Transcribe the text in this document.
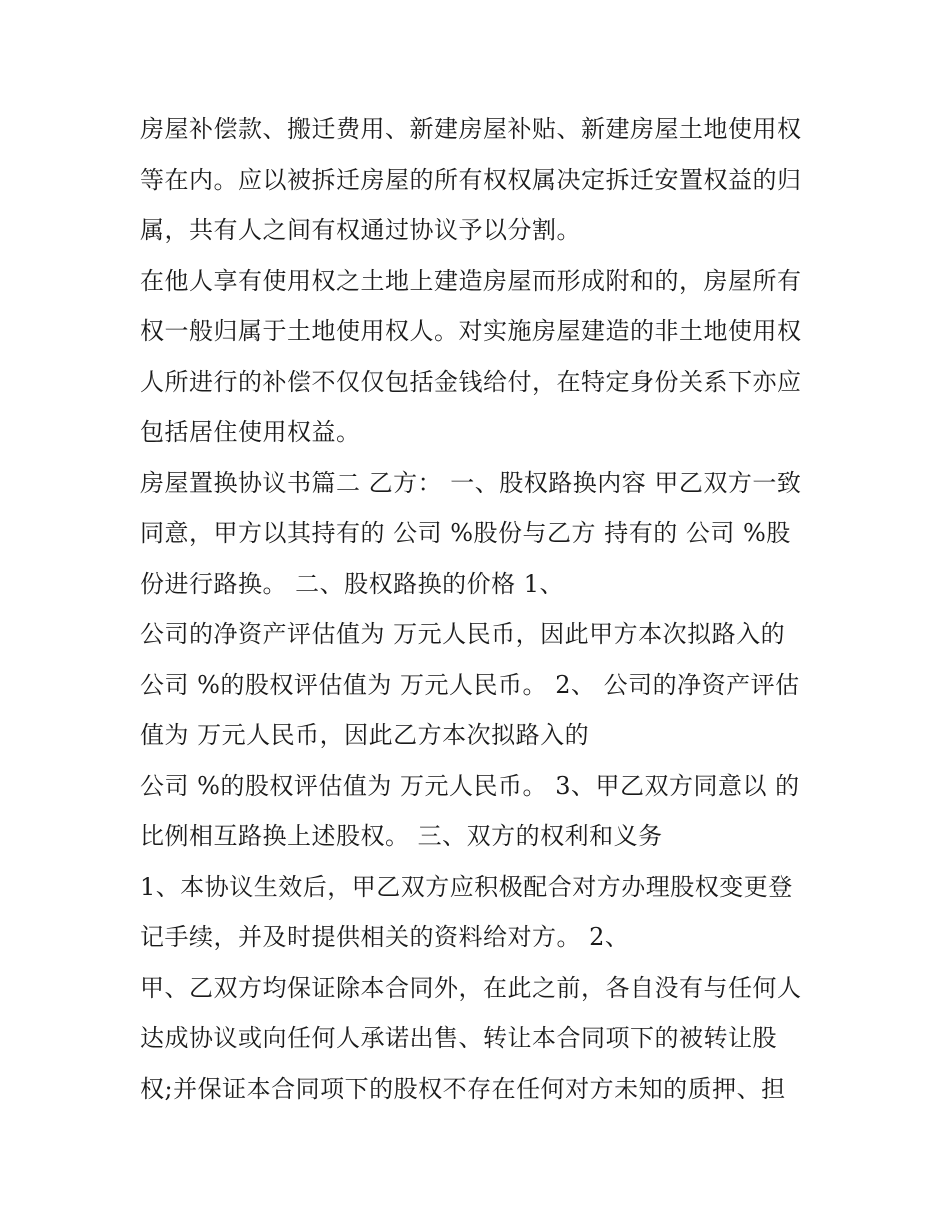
房屋补偿款、搬迁费用、新建房屋补贴、新建房屋土地使用权
等在内。应以被拆迁房屋的所有权权属决定拆迁安置权益的归
属，共有人之间有权通过协议予以分割。
在他人享有使用权之土地上建造房屋而形成附和的，房屋所有
权一般归属于土地使用权人。对实施房屋建造的非土地使用权
人所进行的补偿不仅仅包括金钱给付，在特定身份关系下亦应
包括居住使用权益。
房屋置换协议书篇二 乙方： 一、股权路换内容 甲乙双方一致
同意，甲方以其持有的 公司 %股份与乙方 持有的 公司 %股
份进行路换。 二、股权路换的价格 1、
公司的净资产评估值为 万元人民币，因此甲方本次拟路入的
公司 %的股权评估值为 万元人民币。 2、 公司的净资产评估
值为 万元人民币，因此乙方本次拟路入的
公司 %的股权评估值为 万元人民币。 3、甲乙双方同意以 的
比例相互路换上述股权。 三、双方的权利和义务
1、本协议生效后，甲乙双方应积极配合对方办理股权变更登
记手续，并及时提供相关的资料给对方。 2、
甲、乙双方均保证除本合同外，在此之前，各自没有与任何人
达成协议或向任何人承诺出售、转让本合同项下的被转让股
权;并保证本合同项下的股权不存在任何对方未知的质押、担
